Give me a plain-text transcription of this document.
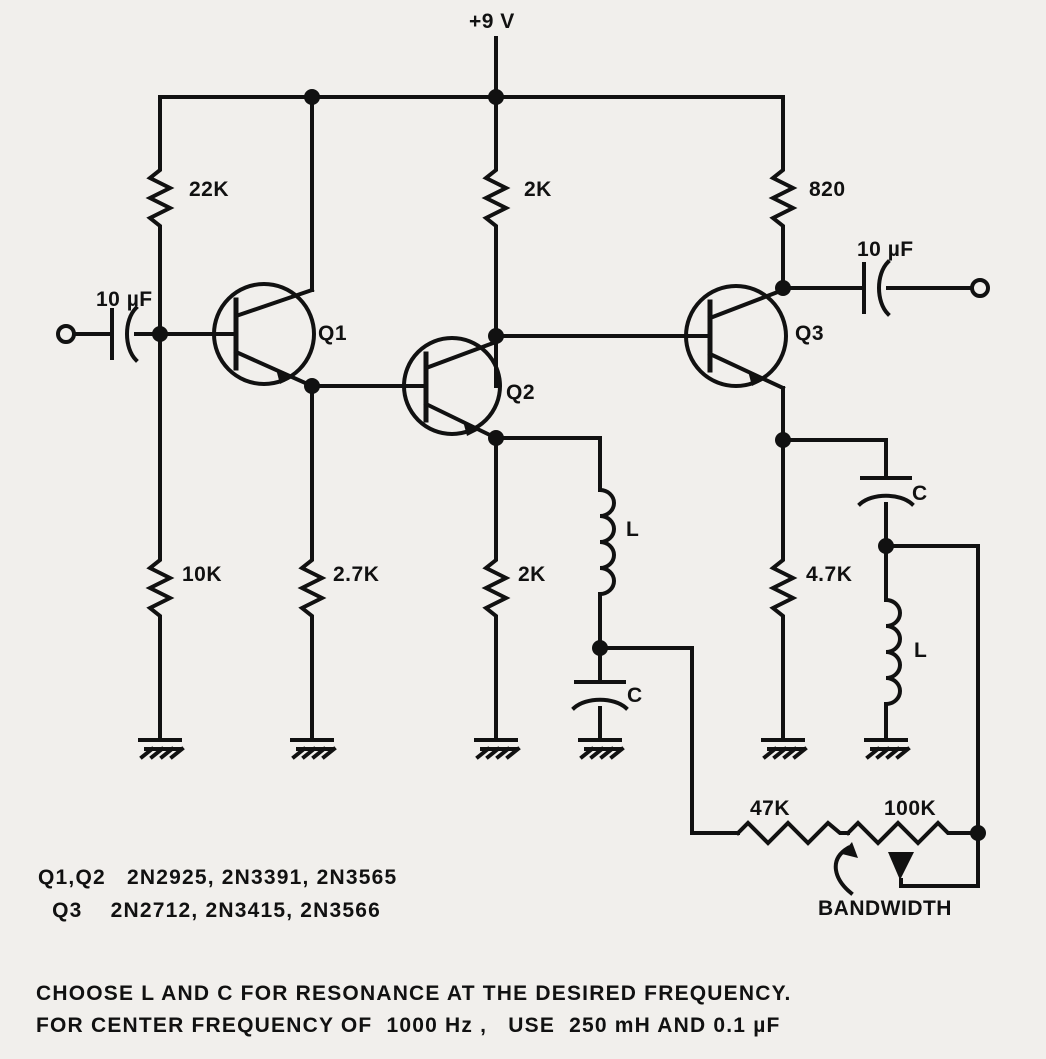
+9 V
22K	2K	820
10K	2.7K	2K	4.7K
10 µF
10 µF
Q1
Q2
Q3
L
C
C
L
47K	100K
BANDWIDTH
Q1,Q2   2N2925, 2N3391, 2N3565
Q3    2N2712, 2N3415, 2N3566
CHOOSE L AND C FOR RESONANCE AT THE DESIRED FREQUENCY.
FOR CENTER FREQUENCY OF  1000 Hz ,   USE  250 mH AND 0.1 µF
